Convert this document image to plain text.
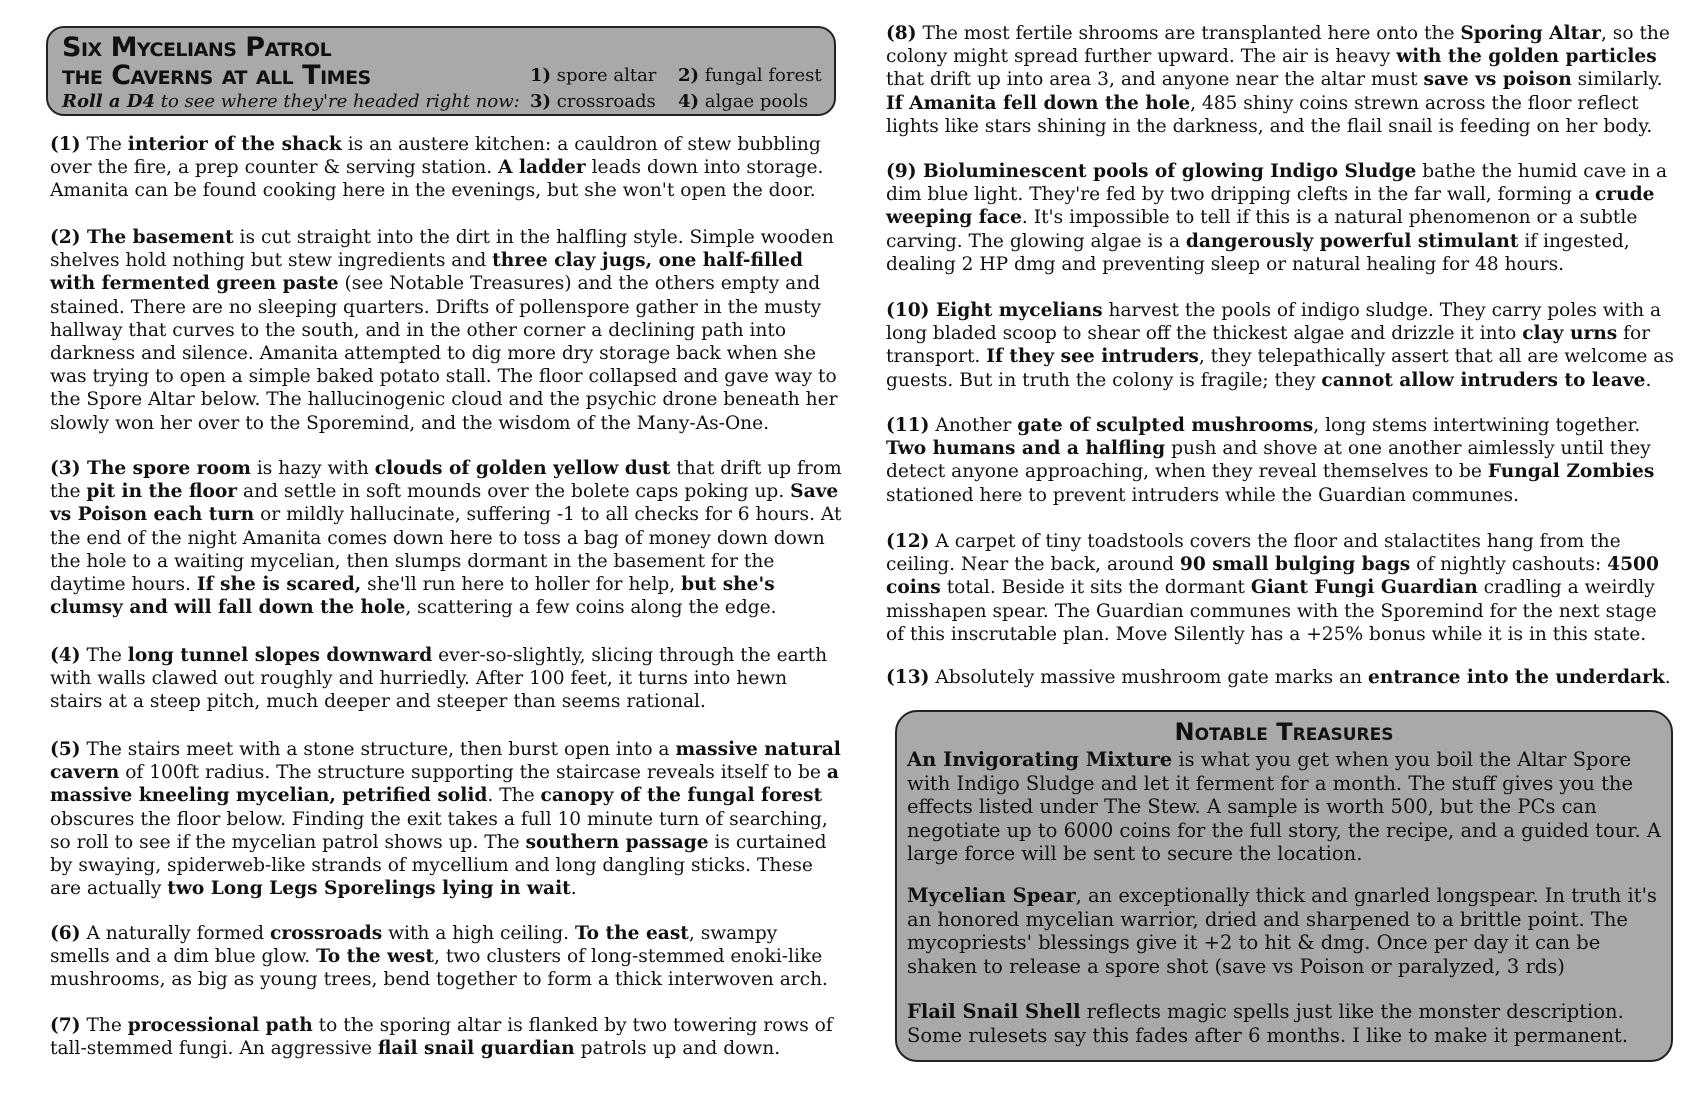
Six Mycelians Patrol
the Caverns at all Times
Roll a D4 to see where they're headed right now:
1) spore altar	2) fungal forest
3) crossroads	4) algae pools
(1) The interior of the shack is an austere kitchen: a cauldron of stew bubbling over the fire, a prep counter & serving station. A ladder leads down into storage. Amanita can be found cooking here in the evenings, but she won't open the door.
(2) The basement is cut straight into the dirt in the halfling style. Simple wooden shelves hold nothing but stew ingredients and three clay jugs, one half-filled with fermented green paste (see Notable Treasures) and the others empty and stained. There are no sleeping quarters. Drifts of pollenspore gather in the musty hallway that curves to the south, and in the other corner a declining path into darkness and silence. Amanita attempted to dig more dry storage back when she was trying to open a simple baked potato stall. The floor collapsed and gave way to the Spore Altar below. The hallucinogenic cloud and the psychic drone beneath her slowly won her over to the Sporemind, and the wisdom of the Many-As-One.
(3) The spore room is hazy with clouds of golden yellow dust that drift up from the pit in the floor and settle in soft mounds over the bolete caps poking up. Save vs Poison each turn or mildly hallucinate, suffering -1 to all checks for 6 hours. At the end of the night Amanita comes down here to toss a bag of money down down the hole to a waiting mycelian, then slumps dormant in the basement for the daytime hours. If she is scared, she'll run here to holler for help, but she's clumsy and will fall down the hole, scattering a few coins along the edge.
(4) The long tunnel slopes downward ever-so-slightly, slicing through the earth with walls clawed out roughly and hurriedly. After 100 feet, it turns into hewn stairs at a steep pitch, much deeper and steeper than seems rational.
(5) The stairs meet with a stone structure, then burst open into a massive natural cavern of 100ft radius. The structure supporting the staircase reveals itself to be a massive kneeling mycelian, petrified solid. The canopy of the fungal forest obscures the floor below. Finding the exit takes a full 10 minute turn of searching, so roll to see if the mycelian patrol shows up. The southern passage is curtained by swaying, spiderweb-like strands of mycellium and long dangling sticks. These are actually two Long Legs Sporelings lying in wait.
(6) A naturally formed crossroads with a high ceiling. To the east, swampy smells and a dim blue glow. To the west, two clusters of long-stemmed enoki-like mushrooms, as big as young trees, bend together to form a thick interwoven arch.
(7) The processional path to the sporing altar is flanked by two towering rows of tall-stemmed fungi. An aggressive flail snail guardian patrols up and down.
(8) The most fertile shrooms are transplanted here onto the Sporing Altar, so the colony might spread further upward. The air is heavy with the golden particles that drift up into area 3, and anyone near the altar must save vs poison similarly. If Amanita fell down the hole, 485 shiny coins strewn across the floor reflect lights like stars shining in the darkness, and the flail snail is feeding on her body.
(9) Bioluminescent pools of glowing Indigo Sludge bathe the humid cave in a dim blue light. They're fed by two dripping clefts in the far wall, forming a crude weeping face. It's impossible to tell if this is a natural phenomenon or a subtle carving. The glowing algae is a dangerously powerful stimulant if ingested, dealing 2 HP dmg and preventing sleep or natural healing for 48 hours.
(10) Eight mycelians harvest the pools of indigo sludge. They carry poles with a long bladed scoop to shear off the thickest algae and drizzle it into clay urns for transport. If they see intruders, they telepathically assert that all are welcome as guests. But in truth the colony is fragile; they cannot allow intruders to leave.
(11) Another gate of sculpted mushrooms, long stems intertwining together. Two humans and a halfling push and shove at one another aimlessly until they detect anyone approaching, when they reveal themselves to be Fungal Zombies stationed here to prevent intruders while the Guardian communes.
(12) A carpet of tiny toadstools covers the floor and stalactites hang from the ceiling. Near the back, around 90 small bulging bags of nightly cashouts: 4500 coins total. Beside it sits the dormant Giant Fungi Guardian cradling a weirdly misshapen spear. The Guardian communes with the Sporemind for the next stage of this inscrutable plan. Move Silently has a +25% bonus while it is in this state.
(13) Absolutely massive mushroom gate marks an entrance into the underdark.
Notable Treasures
An Invigorating Mixture is what you get when you boil the Altar Spore with Indigo Sludge and let it ferment for a month. The stuff gives you the effects listed under The Stew. A sample is worth 500, but the PCs can negotiate up to 6000 coins for the full story, the recipe, and a guided tour. A large force will be sent to secure the location.
Mycelian Spear, an exceptionally thick and gnarled longspear. In truth it's an honored mycelian warrior, dried and sharpened to a brittle point. The mycopriests' blessings give it +2 to hit & dmg. Once per day it can be shaken to release a spore shot (save vs Poison or paralyzed, 3 rds)
Flail Snail Shell reflects magic spells just like the monster description. Some rulesets say this fades after 6 months. I like to make it permanent.
